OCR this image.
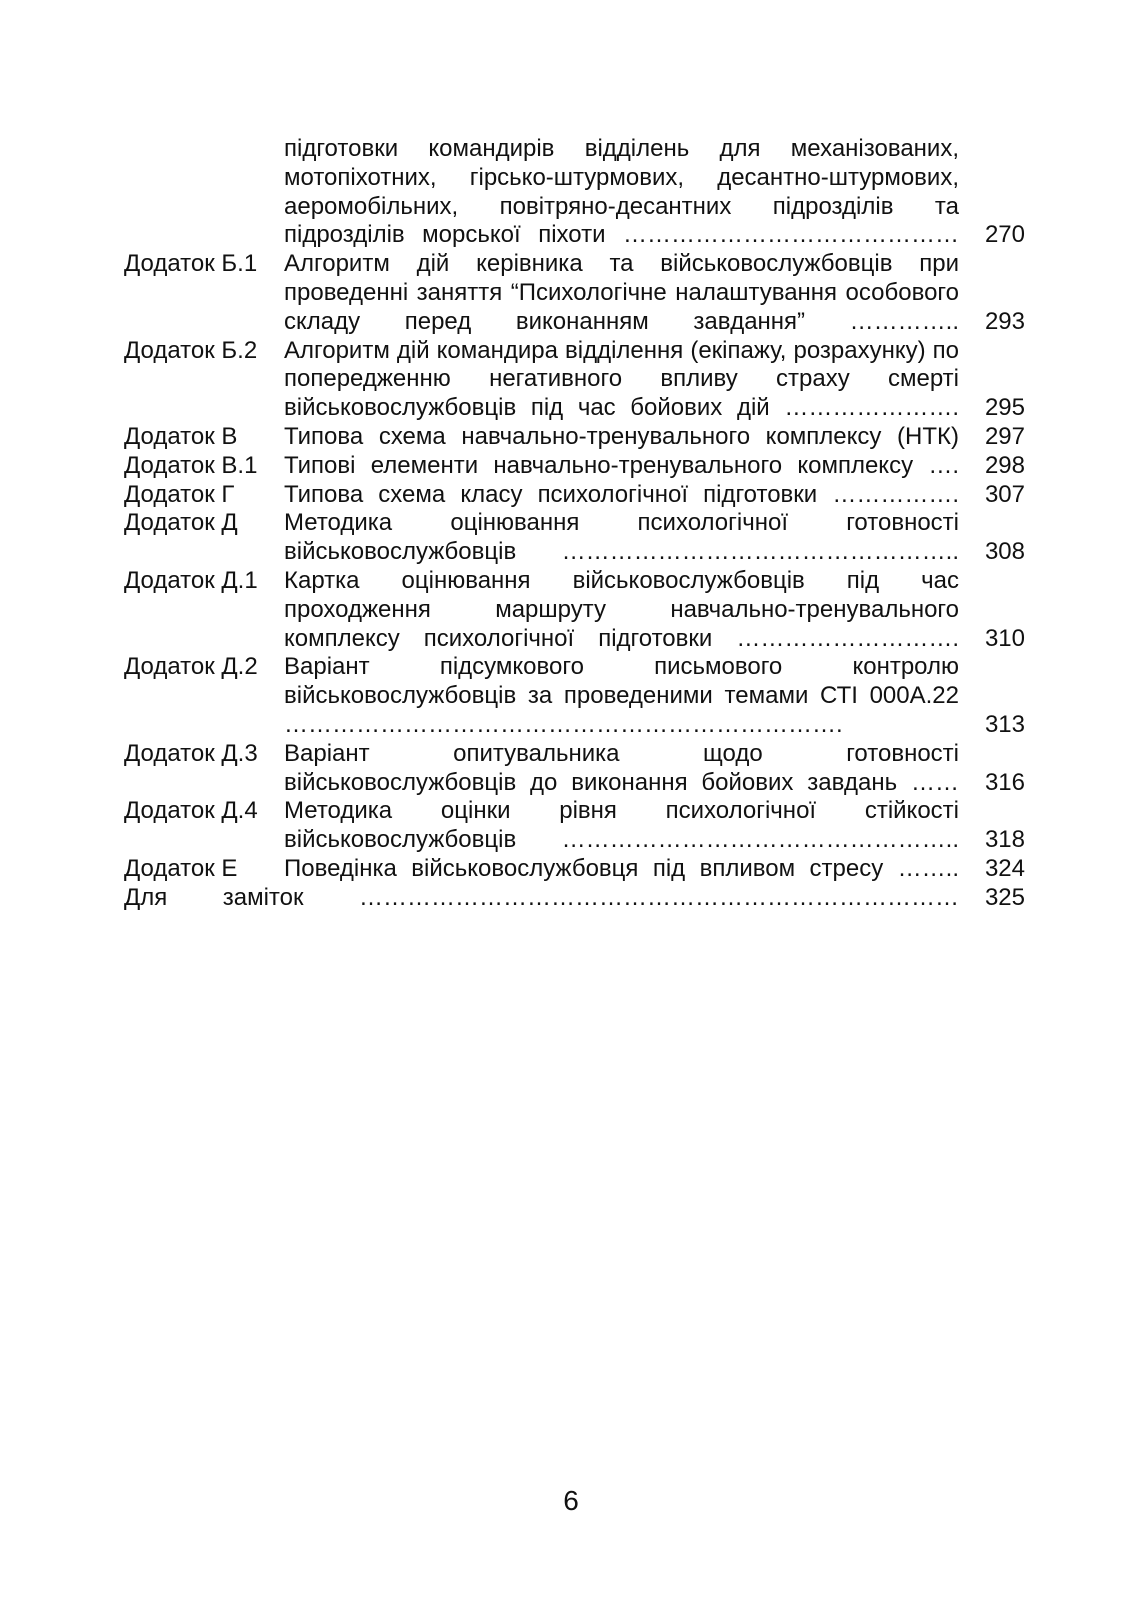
підготовки командирів відділень для механізованих, мотопіхотних, гірсько-штурмових, десантно-штурмових, аеромобільних, повітряно-десантних підрозділів та підрозділів морської піхоти ……………………………………	270
Додаток Б.1	Алгоритм дій керівника та військовослужбовців при проведенні заняття “Психологічне налаштування особового складу перед виконанням завдання” …………..	293
Додаток Б.2	Алгоритм дій командира відділення (екіпажу, розрахунку) по попередженню негативного впливу страху смерті військовослужбовців під час бойових дій ………………….	295
Додаток В	Типова схема навчально-тренувального комплексу (НТК)	297
Додаток В.1	Типові елементи навчально-тренувального комплексу ….	298
Додаток Г	Типова схема класу психологічної підготовки …………….	307
Додаток Д	Методика оцінювання психологічної готовності військовослужбовців …………………………………………..	308
Додаток Д.1	Картка оцінювання військовослужбовців під час проходження маршруту навчально-тренувального комплексу психологічної підготовки ……………………….	310
Додаток Д.2	Варіант підсумкового письмового контролю військовослужбовців за проведеними темами СТІ 000А.22 …………………………………………………………….	313
Додаток Д.3	Варіант опитувальника щодо готовності військовослужбовців до виконання бойових завдань ……	316
Додаток Д.4	Методика оцінки рівня психологічної стійкості військовослужбовців …………………………………………..	318
Додаток Е	Поведінка військовослужбовця під впливом стресу ……..	324
Для заміток …………………………………………………………………	325
6
